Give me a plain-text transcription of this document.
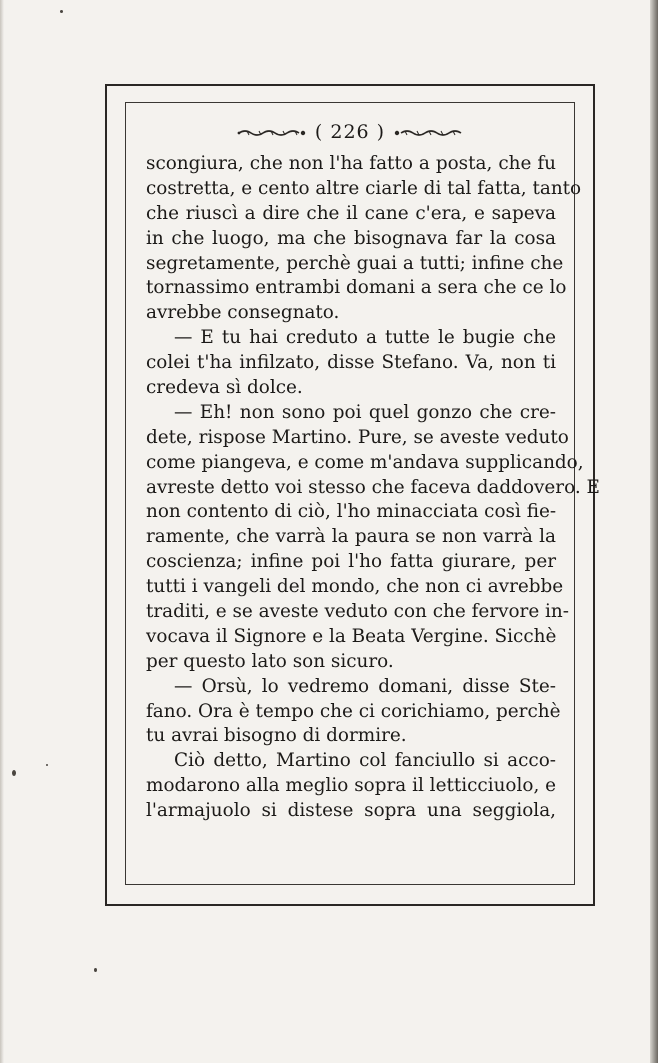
( 226 )
scongiura, che non l'ha fatto a posta, che fu
costretta, e cento altre ciarle di tal fatta, tanto
che riuscì a dire che il cane c'era, e sapeva
in che luogo, ma che bisognava far la cosa
segretamente, perchè guai a tutti; infine che
tornassimo entrambi domani a sera che ce lo
avrebbe consegnato.
— E tu hai creduto a tutte le bugie che
colei t'ha infilzato, disse Stefano. Va, non ti
credeva sì dolce.
— Eh! non sono poi quel gonzo che cre-
dete, rispose Martino. Pure, se aveste veduto
come piangeva, e come m'andava supplicando,
avreste detto voi stesso che faceva daddovero. E
non contento di ciò, l'ho minacciata così fie-
ramente, che varrà la paura se non varrà la
coscienza; infine poi l'ho fatta giurare, per
tutti i vangeli del mondo, che non ci avrebbe
traditi, e se aveste veduto con che fervore in-
vocava il Signore e la Beata Vergine. Sicchè
per questo lato son sicuro.
— Orsù, lo vedremo domani, disse Ste-
fano. Ora è tempo che ci corichiamo, perchè
tu avrai bisogno di dormire.
Ciò detto, Martino col fanciullo si acco-
modarono alla meglio sopra il letticciuolo, e
l'armajuolo si distese sopra una seggiola,
